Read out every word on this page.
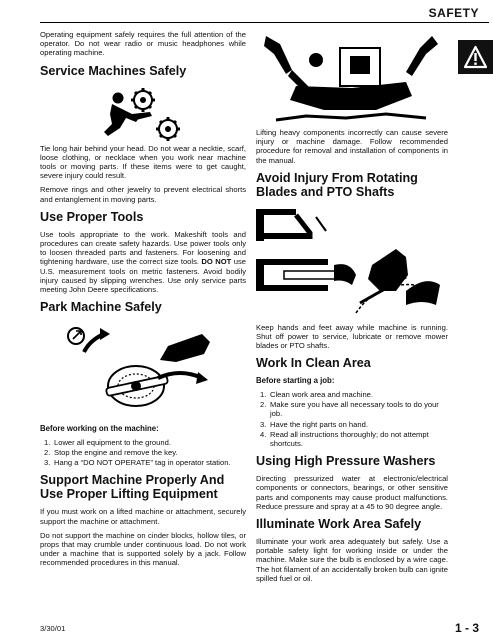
SAFETY

Operating equipment safely requires the full attention of the operator. Do not wear radio or music headphones while operating machine.

Service Machines Safely

Tie long hair behind your head. Do not wear a necktie, scarf, loose clothing, or necklace when you work near machine tools or moving parts. If these items were to get caught, severe injury could result.

Remove rings and other jewelry to prevent electrical shorts and entanglement in moving parts.

Use Proper Tools

Use tools appropriate to the work. Makeshift tools and procedures can create safety hazards. Use power tools only to loosen threaded parts and fasteners. For loosening and tightening hardware, use the correct size tools. DO NOT use U.S. measurement tools on metric fasteners. Avoid bodily injury caused by slipping wrenches. Use only service parts meeting John Deere specifications.

Park Machine Safely

Before working on the machine:

1. Lower all equipment to the ground.
2. Stop the engine and remove the key.
3. Hang a “DO NOT OPERATE” tag in operator station.
Support Machine Properly And Use Proper Lifting Equipment

If you must work on a lifted machine or attachment, securely support the machine or attachment.

Do not support the machine on cinder blocks, hollow tiles, or props that may crumble under continuous load. Do not work under a machine that is supported solely by a jack. Follow recommended procedures in this manual.

Lifting heavy components incorrectly can cause severe injury or machine damage. Follow recommended procedure for removal and installation of components in the manual.

Avoid Injury From Rotating Blades and PTO Shafts

Keep hands and feet away while machine is running. Shut off power to service, lubricate or remove mower blades or PTO shafts.

Work In Clean Area

Before starting a job:

1. Clean work area and machine.
2. Make sure you have all necessary tools to do your job.
3. Have the right parts on hand.
4. Read all instructions thoroughly; do not attempt shortcuts.
Using High Pressure Washers

Directing pressurized water at electronic/electrical components or connectors, bearings, or other sensitive parts and components may cause product malfunctions. Reduce pressure and spray at a 45 to 90 degree angle.

Illuminate Work Area Safely

Illuminate your work area adequately but safely. Use a portable safety light for working inside or under the machine. Make sure the bulb is enclosed by a wire cage. The hot filament of an accidentally broken bulb can ignite spilled fuel or oil.

3/30/01	1 - 3
